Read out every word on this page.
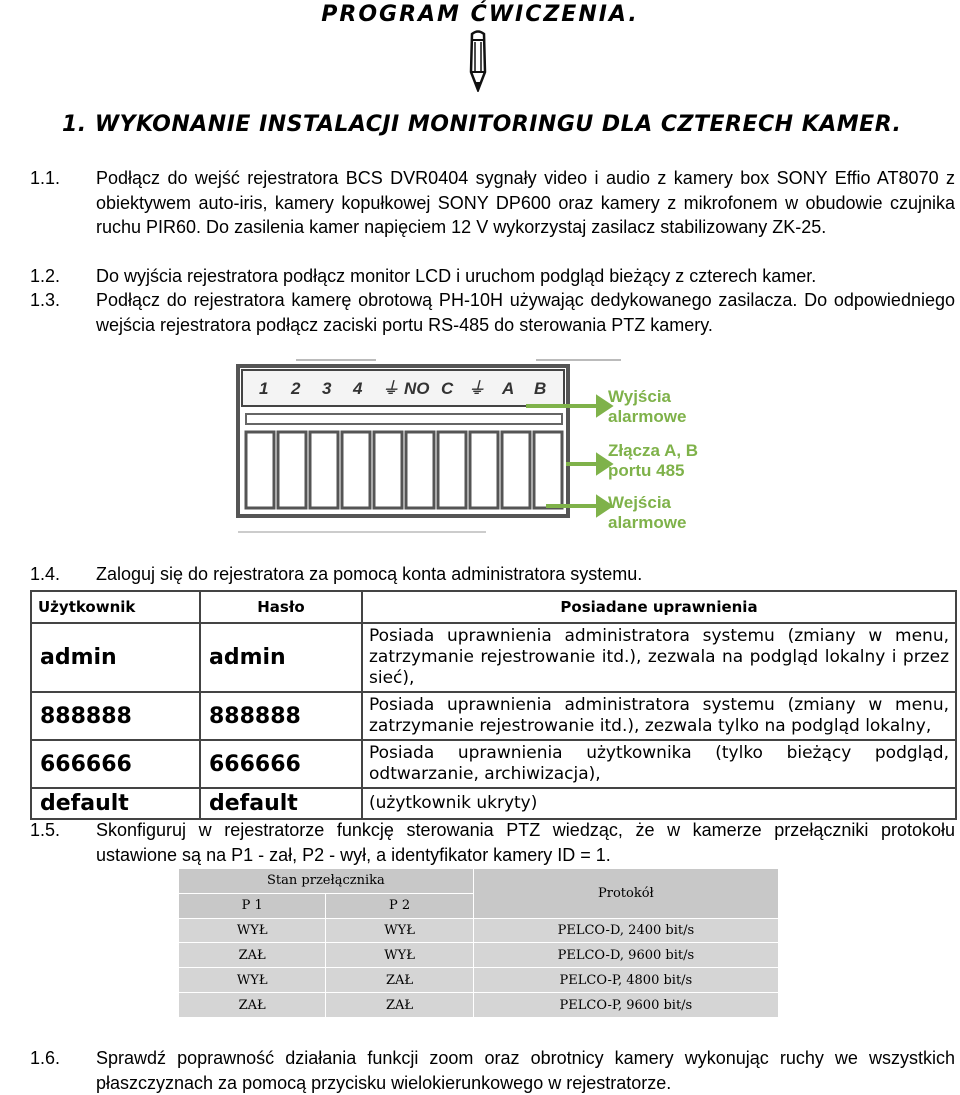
PROGRAM ĆWICZENIA.
1. WYKONANIE INSTALACJI MONITORINGU DLA CZTERECH KAMER.
1.1.	Podłącz do wejść rejestratora BCS DVR0404 sygnały video i audio z kamery box SONY Effio AT8070 z obiektywem auto-iris, kamery kopułkowej SONY DP600 oraz kamery z mikrofonem w obudowie czujnika ruchu PIR60. Do zasilenia kamer napięciem 12 V wykorzystaj zasilacz stabilizowany ZK-25.
1.2.	Do wyjścia rejestratora podłącz monitor LCD i uruchom podgląd bieżący z czterech kamer.
1.3.	Podłącz do rejestratora kamerę obrotową PH-10H używając dedykowanego zasilacza. Do odpowiedniego wejścia rejestratora podłącz zaciski portu RS-485 do sterowania PTZ kamery.
1 2 3 4 ⏚ NO C ⏚ A B	Wyjścia
alarmowe
Złącza A, B
portu 485
Wejścia
alarmowe
1.4.	Zaloguj się do rejestratora za pomocą konta administratora systemu.
Użytkownik	Hasło	Posiadane uprawnienia
admin	admin	Posiada uprawnienia administratora systemu (zmiany w menu, zatrzymanie rejestrowanie itd.), zezwala na podgląd lokalny i przez sieć),
888888	888888	Posiada uprawnienia administratora systemu (zmiany w menu, zatrzymanie rejestrowanie itd.), zezwala tylko na podgląd lokalny,
666666	666666	Posiada uprawnienia użytkownika (tylko bieżący podgląd, odtwarzanie, archiwizacja),
default	default	(użytkownik ukryty)
1.5.	Skonfiguruj w rejestratorze funkcję sterowania PTZ wiedząc, że w kamerze przełączniki protokołu ustawione są na P1 - zał, P2 - wył, a identyfikator kamery ID = 1.
Stan przełącznika		Protokół
P 1	P 2	
WYŁ	WYŁ	PELCO-D, 2400 bit/s
ZAŁ	WYŁ	PELCO-D, 9600 bit/s
WYŁ	ZAŁ	PELCO-P, 4800 bit/s
ZAŁ	ZAŁ	PELCO-P, 9600 bit/s
1.6.	Sprawdź poprawność działania funkcji zoom oraz obrotnicy kamery wykonując ruchy we wszystkich płaszczyznach za pomocą przycisku wielokierunkowego w rejestratorze.
